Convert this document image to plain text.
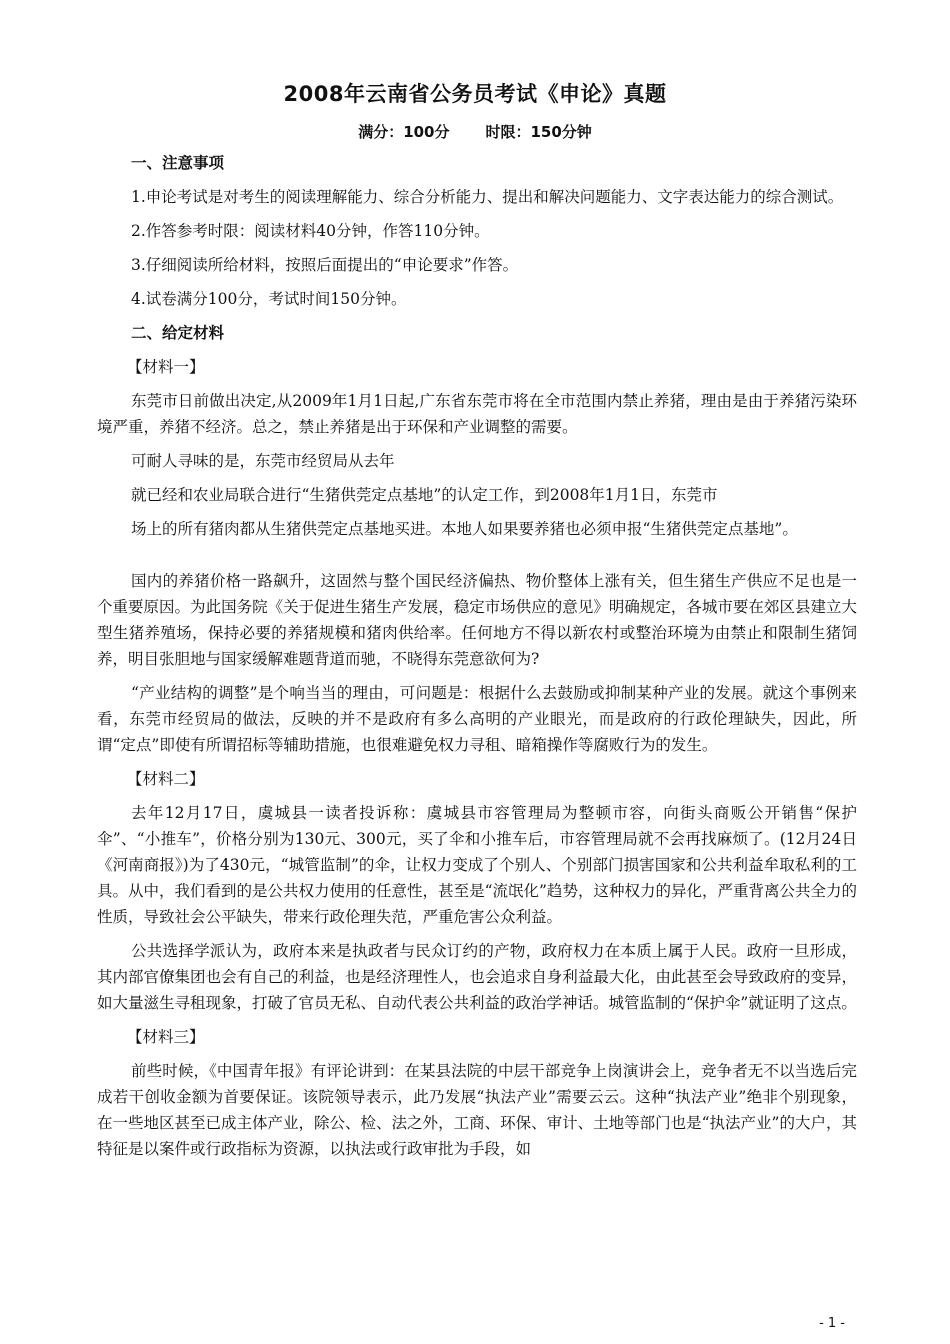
2008年云南省公务员考试《申论》真题
满分：100分 时限：150分钟

一、注意事项

1.申论考试是对考生的阅读理解能力、综合分析能力、提出和解决问题能力、文字表达能力的综合测试。

2.作答参考时限：阅读材料40分钟，作答110分钟。

3.仔细阅读所给材料，按照后面提出的“申论要求”作答。

4.试卷满分100分，考试时间150分钟。

二、给定材料

【材料一】

东莞市日前做出决定,从2009年1月1日起,广东省东莞市将在全市范围内禁止养猪，理由是由于养猪污染环境严重，养猪不经济。总之，禁止养猪是出于环保和产业调整的需要。

可耐人寻味的是，东莞市经贸局从去年

就已经和农业局联合进行“生猪供莞定点基地”的认定工作，到2008年1月1日，东莞市

场上的所有猪肉都从生猪供莞定点基地买进。本地人如果要养猪也必须申报“生猪供莞定点基地”。

国内的养猪价格一路飙升，这固然与整个国民经济偏热、物价整体上涨有关，但生猪生产供应不足也是一个重要原因。为此国务院《关于促进生猪生产发展，稳定市场供应的意见》明确规定，各城市要在郊区县建立大型生猪养殖场，保持必要的养猪规模和猪肉供给率。任何地方不得以新农村或整治环境为由禁止和限制生猪饲养，明目张胆地与国家缓解难题背道而驰，不晓得东莞意欲何为?

“产业结构的调整”是个响当当的理由，可问题是：根据什么去鼓励或抑制某种产业的发展。就这个事例来看，东莞市经贸局的做法，反映的并不是政府有多么高明的产业眼光，而是政府的行政伦理缺失，因此，所谓“定点”即使有所谓招标等辅助措施，也很难避免权力寻租、暗箱操作等腐败行为的发生。

【材料二】

去年12月17日，虞城县一读者投诉称：虞城县市容管理局为整顿市容，向街头商贩公开销售“保护伞”、“小推车”，价格分别为130元、300元，买了伞和小推车后，市容管理局就不会再找麻烦了。(12月24日《河南商报》)为了430元，“城管监制”的伞，让权力变成了个别人、个别部门损害国家和公共利益牟取私利的工具。从中，我们看到的是公共权力使用的任意性，甚至是“流氓化”趋势，这种权力的异化，严重背离公共全力的性质，导致社会公平缺失，带来行政伦理失范，严重危害公众利益。

公共选择学派认为，政府本来是执政者与民众订约的产物，政府权力在本质上属于人民。政府一旦形成，其内部官僚集团也会有自己的利益，也是经济理性人，也会追求自身利益最大化，由此甚至会导致政府的变异，如大量滋生寻租现象，打破了官员无私、自动代表公共利益的政治学神话。城管监制的“保护伞”就证明了这点。

【材料三】

前些时候，《中国青年报》有评论讲到：在某县法院的中层干部竞争上岗演讲会上，竞争者无不以当选后完成若干创收金额为首要保证。该院领导表示，此乃发展“执法产业”需要云云。这种“执法产业”绝非个别现象，在一些地区甚至已成主体产业，除公、检、法之外，工商、环保、审计、土地等部门也是“执法产业”的大户，其特征是以案件或行政指标为资源，以执法或行政审批为手段，如

- 1 -
